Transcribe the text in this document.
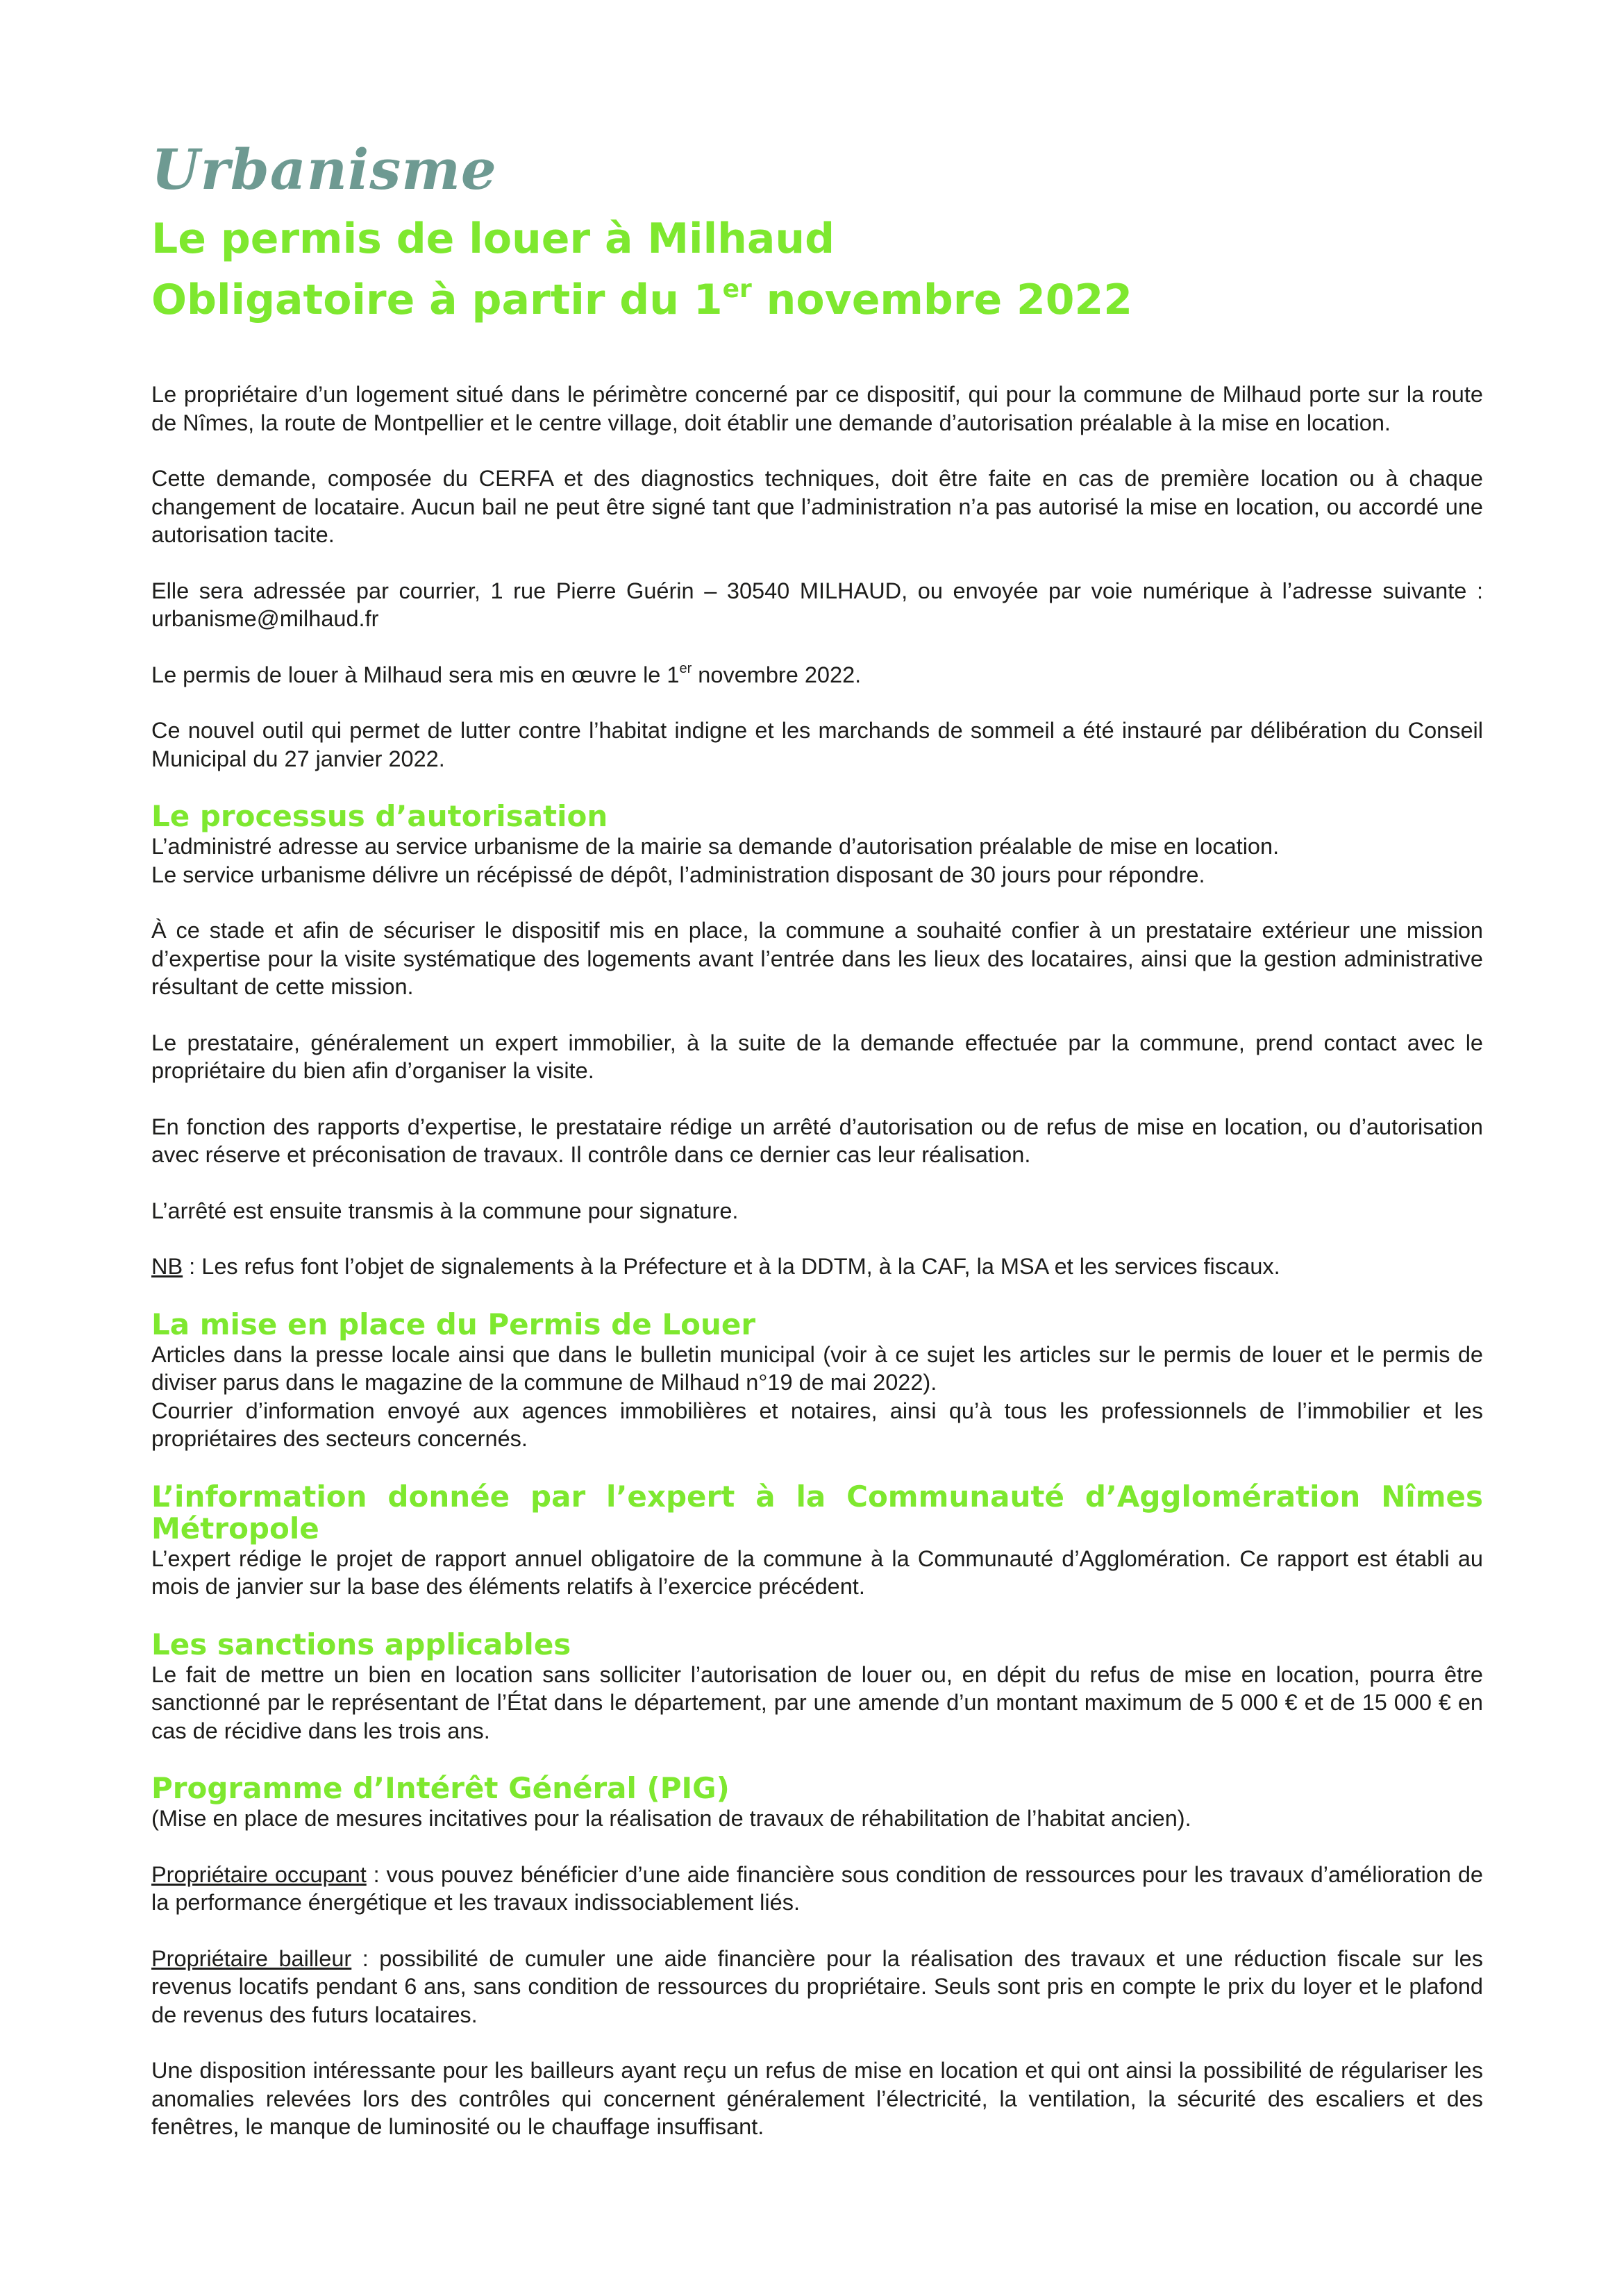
Urbanisme
Le permis de louer à Milhaud
Obligatoire à partir du 1er novembre 2022

Le propriétaire d’un logement situé dans le périmètre concerné par ce dispositif, qui pour la commune de Milhaud porte sur la route de Nîmes, la route de Montpellier et le centre village, doit établir une demande d’autorisation préalable à la mise en location.

Cette demande, composée du CERFA et des diagnostics techniques, doit être faite en cas de première location ou à chaque changement de locataire. Aucun bail ne peut être signé tant que l’administration n’a pas autorisé la mise en location, ou accordé une autorisation tacite.

Elle sera adressée par courrier, 1 rue Pierre Guérin – 30540 MILHAUD, ou envoyée par voie numérique à l’adresse suivante : urbanisme@milhaud.fr

Le permis de louer à Milhaud sera mis en œuvre le 1er novembre 2022.

Ce nouvel outil qui permet de lutter contre l’habitat indigne et les marchands de sommeil a été instauré par délibération du Conseil Municipal du 27 janvier 2022.

Le processus d’autorisation

L’administré adresse au service urbanisme de la mairie sa demande d’autorisation préalable de mise en location.

Le service urbanisme délivre un récépissé de dépôt, l’administration disposant de 30 jours pour répondre.

À ce stade et afin de sécuriser le dispositif mis en place, la commune a souhaité confier à un prestataire extérieur une mission d’expertise pour la visite systématique des logements avant l’entrée dans les lieux des locataires, ainsi que la gestion administrative résultant de cette mission.

Le prestataire, généralement un expert immobilier, à la suite de la demande effectuée par la commune, prend contact avec le propriétaire du bien afin d’organiser la visite.

En fonction des rapports d’expertise, le prestataire rédige un arrêté d’autorisation ou de refus de mise en location, ou d’autorisation avec réserve et préconisation de travaux. Il contrôle dans ce dernier cas leur réalisation.

L’arrêté est ensuite transmis à la commune pour signature.

NB : Les refus font l’objet de signalements à la Préfecture et à la DDTM, à la CAF, la MSA et les services fiscaux.

La mise en place du Permis de Louer

Articles dans la presse locale ainsi que dans le bulletin municipal (voir à ce sujet les articles sur le permis de louer et le permis de diviser parus dans le magazine de la commune de Milhaud n°19 de mai 2022).

Courrier d’information envoyé aux agences immobilières et notaires, ainsi qu’à tous les professionnels de l’immobilier et les propriétaires des secteurs concernés.

L’information donnée par l’expert à la Communauté d’Agglomération Nîmes Métropole

L’expert rédige le projet de rapport annuel obligatoire de la commune à la Communauté d’Agglomération. Ce rapport est établi au mois de janvier sur la base des éléments relatifs à l’exercice précédent.

Les sanctions applicables

Le fait de mettre un bien en location sans solliciter l’autorisation de louer ou, en dépit du refus de mise en location, pourra être sanctionné par le représentant de l’État dans le département, par une amende d’un montant maximum de 5 000 € et de 15 000 € en cas de récidive dans les trois ans.

Programme d’Intérêt Général (PIG)

(Mise en place de mesures incitatives pour la réalisation de travaux de réhabilitation de l’habitat ancien).

Propriétaire occupant : vous pouvez bénéficier d’une aide financière sous condition de ressources pour les travaux d’amélioration de la performance énergétique et les travaux indissociablement liés.

Propriétaire bailleur : possibilité de cumuler une aide financière pour la réalisation des travaux et une réduction fiscale sur les revenus locatifs pendant 6 ans, sans condition de ressources du propriétaire. Seuls sont pris en compte le prix du loyer et le plafond de revenus des futurs locataires.

Une disposition intéressante pour les bailleurs ayant reçu un refus de mise en location et qui ont ainsi la possibilité de régulariser les anomalies relevées lors des contrôles qui concernent généralement l’électricité, la ventilation, la sécurité des escaliers et des fenêtres, le manque de luminosité ou le chauffage insuffisant.
